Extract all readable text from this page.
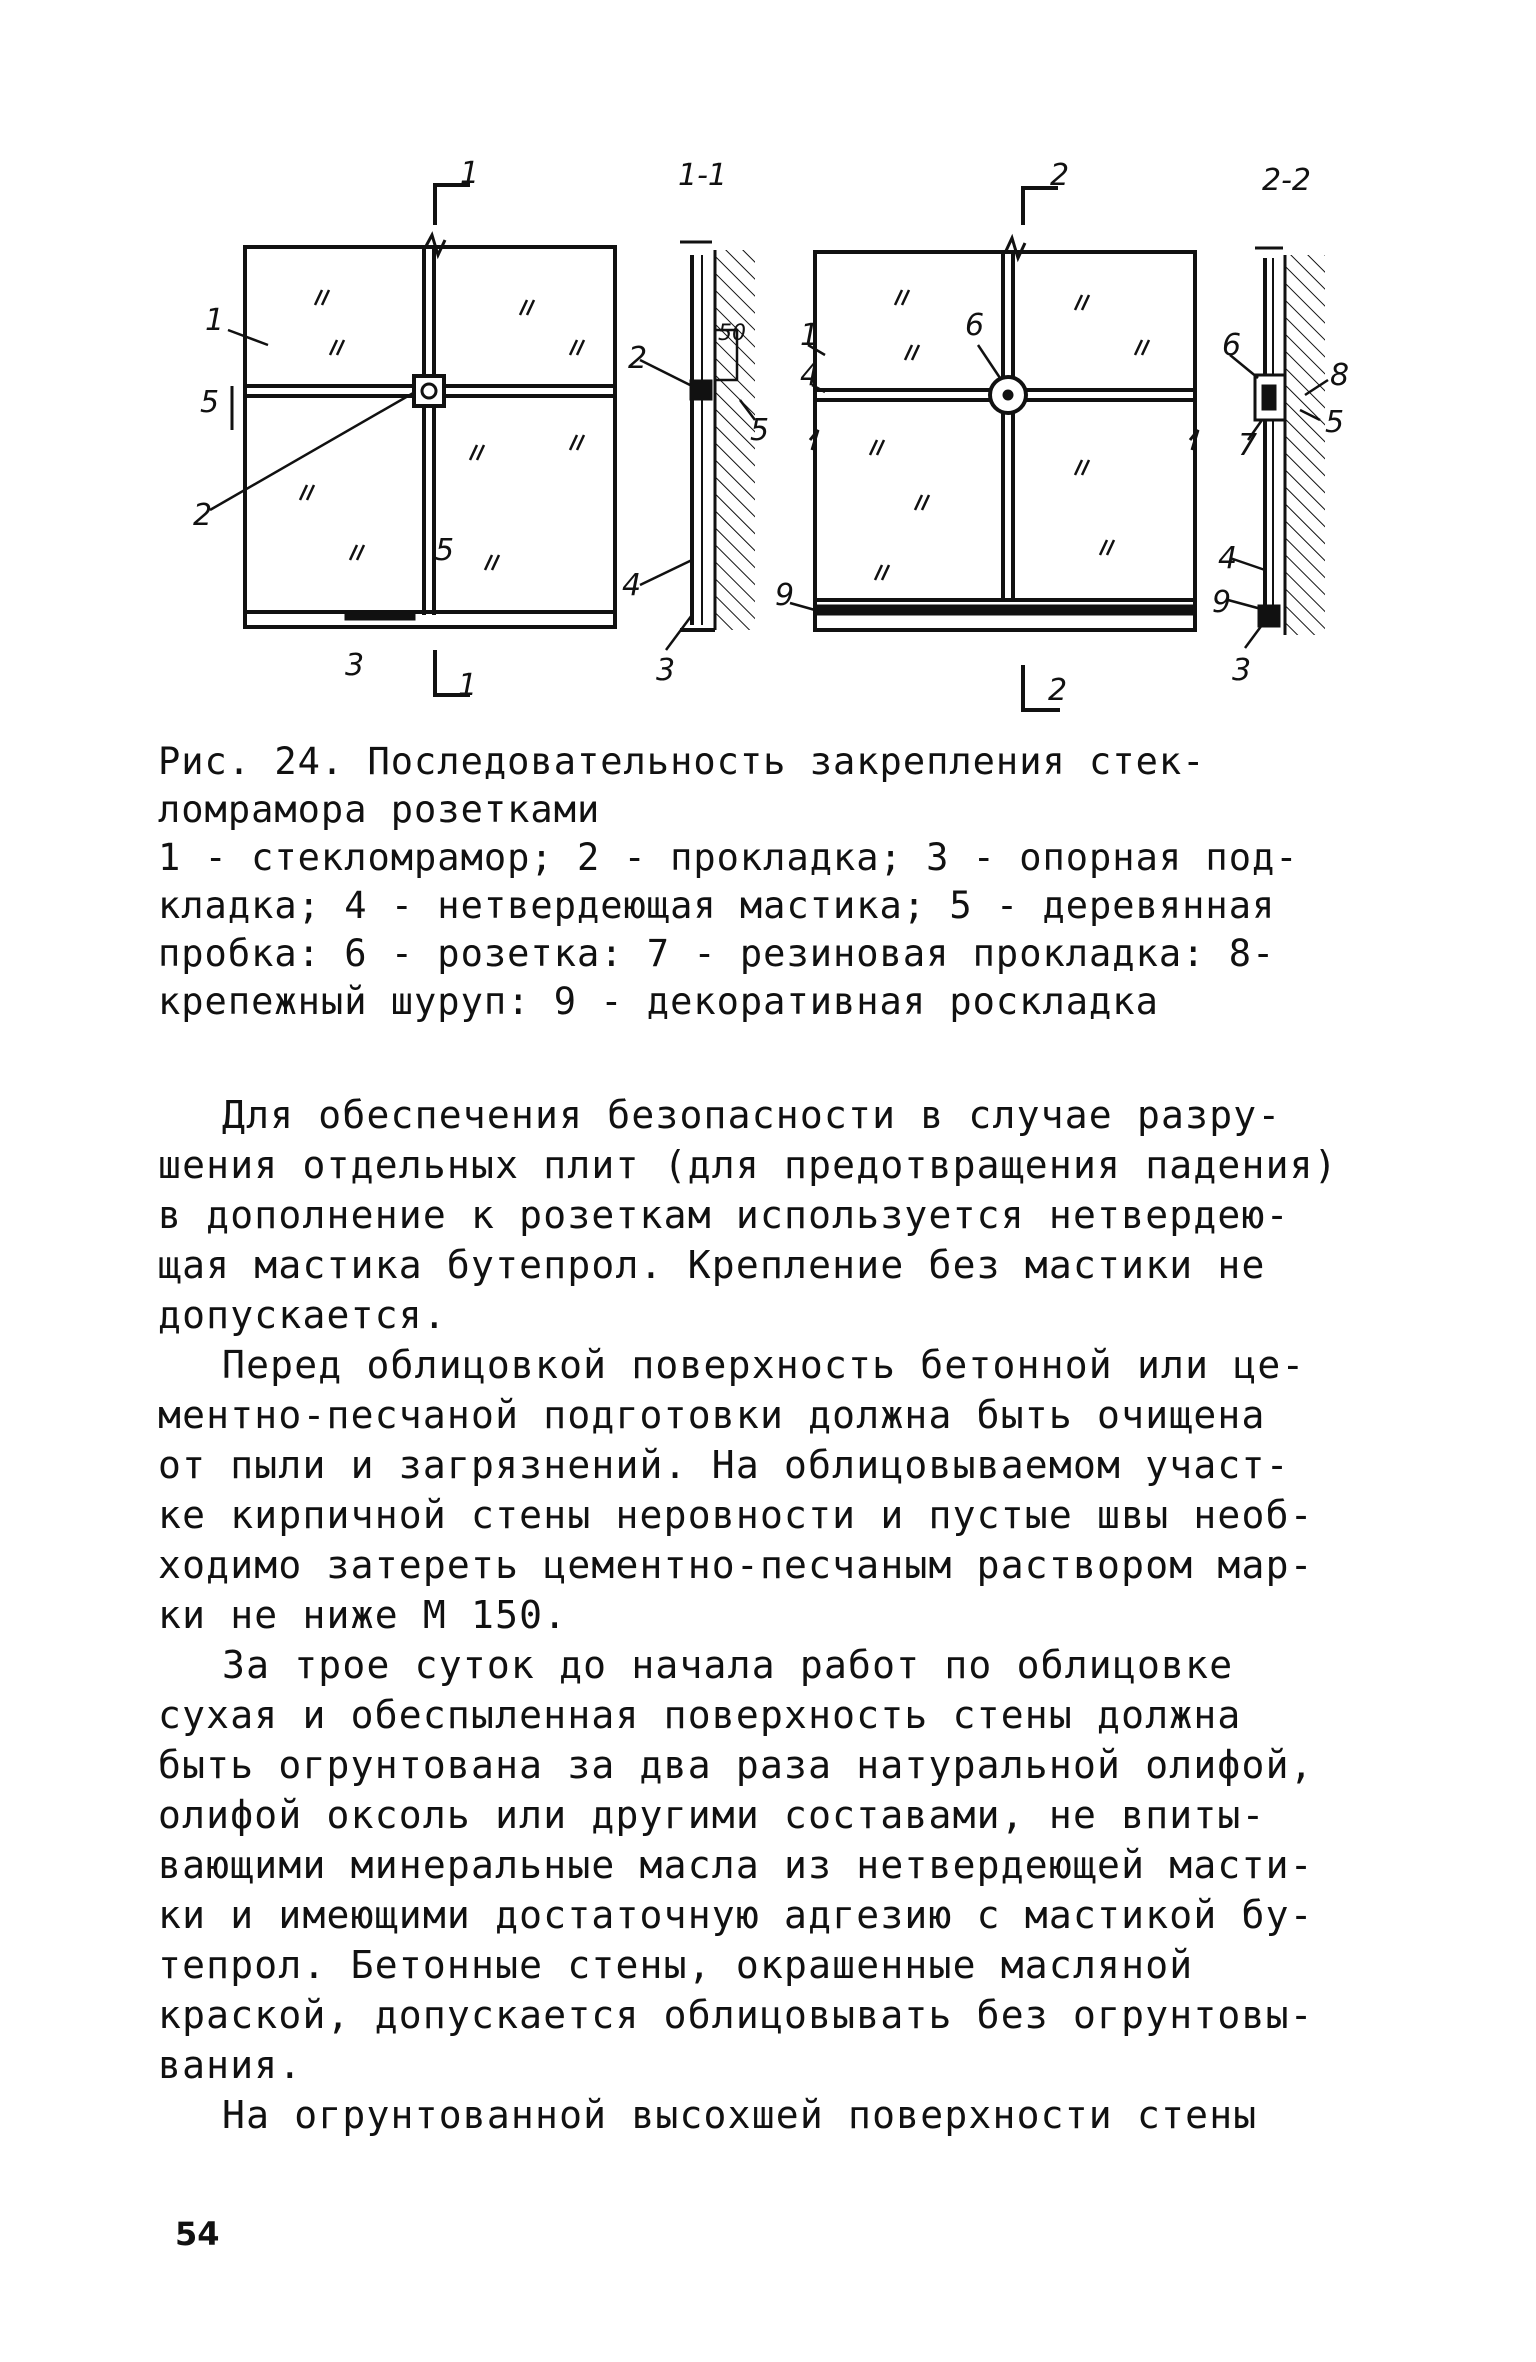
1
1
1-1	2
2
2-2
1
2
3
5
5
2
5
50
4
3
1
4
6
9
6
8
5
7
4
9
3
Рис. 24. Последовательность закрепления стек-
ломрамора розетками
1 - стекломрамор; 2 - прокладка; 3 - опорная под-
кладка; 4 - нетвердеющая мастика; 5 - деревянная
пробка: 6 - розетка: 7 - резиновая прокладка: 8-
крепежный шуруп: 9 - декоративная роскладка

Для обеспечения безопасности в случае разру-
шения отдельных плит (для предотвращения падения)
в дополнение к розеткам используется нетвердею-
щая мастика бутепрол. Крепление без мастики не
допускается.

Перед облицовкой поверхность бетонной или це-
ментно-песчаной подготовки должна быть очищена
от пыли и загрязнений. На облицовываемом участ-
ке кирпичной стены неровности и пустые швы необ-
ходимо затереть цементно-песчаным раствором мар-
ки не ниже М 150.

За трое суток до начала работ по облицовке
сухая и обеспыленная поверхность стены должна
быть огрунтована за два раза натуральной олифой,
олифой оксоль или другими составами, не впиты-
вающими минеральные масла из нетвердеющей масти-
ки и имеющими достаточную адгезию с мастикой бу-
тепрол. Бетонные стены, окрашенные масляной
краской, допускается облицовывать без огрунтовы-
вания.

На огрунтованной высохшей поверхности стены

54
